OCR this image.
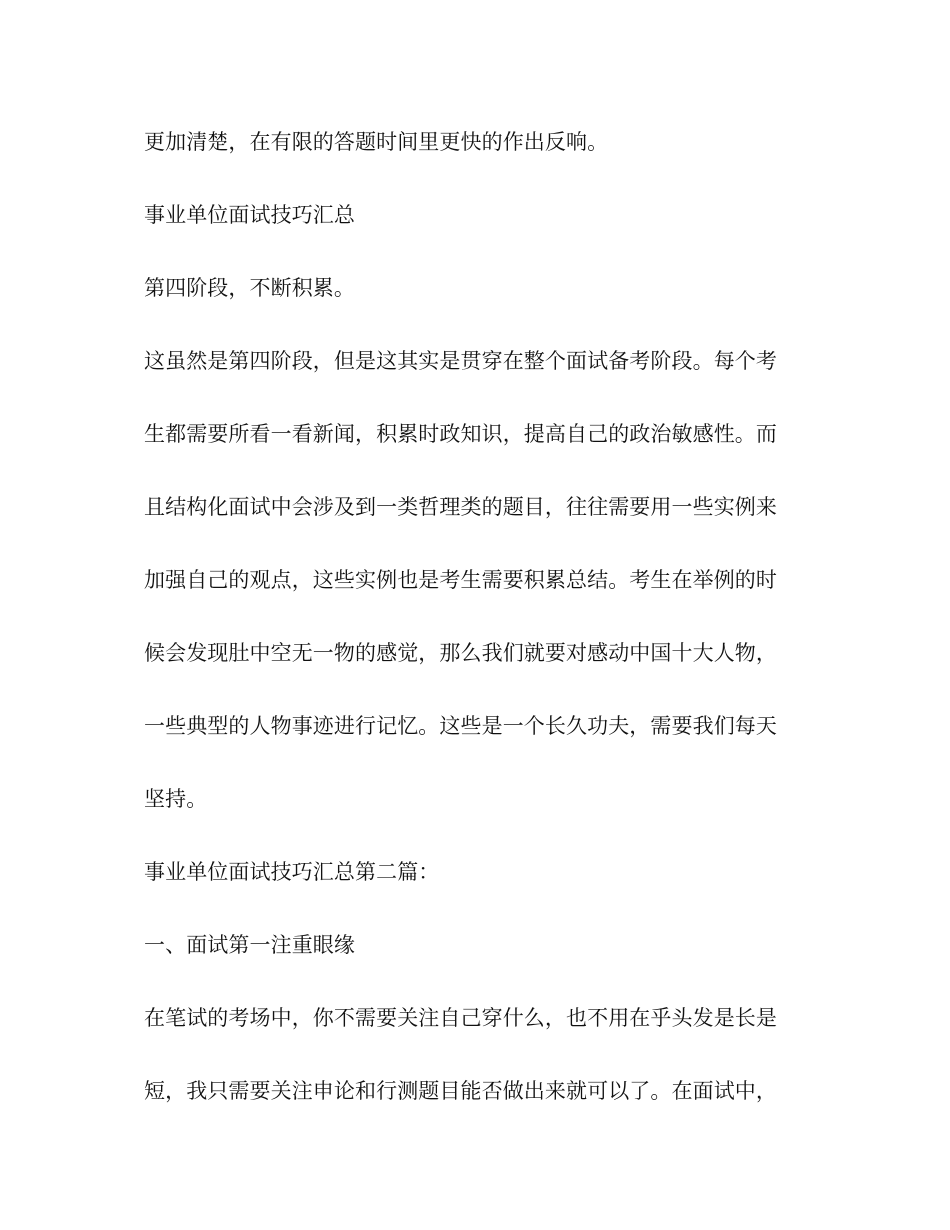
更加清楚，在有限的答题时间里更快的作出反响。
事业单位面试技巧汇总
第四阶段，不断积累。
这虽然是第四阶段，但是这其实是贯穿在整个面试备考阶段。每个考
生都需要所看一看新闻，积累时政知识，提高自己的政治敏感性。而
且结构化面试中会涉及到一类哲理类的题目，往往需要用一些实例来
加强自己的观点，这些实例也是考生需要积累总结。考生在举例的时
候会发现肚中空无一物的感觉，那么我们就要对感动中国十大人物，
一些典型的人物事迹进行记忆。这些是一个长久功夫，需要我们每天
坚持。
事业单位面试技巧汇总第二篇：
一、面试第一注重眼缘
在笔试的考场中，你不需要关注自己穿什么，也不用在乎头发是长是
短，我只需要关注申论和行测题目能否做出来就可以了。在面试中，
